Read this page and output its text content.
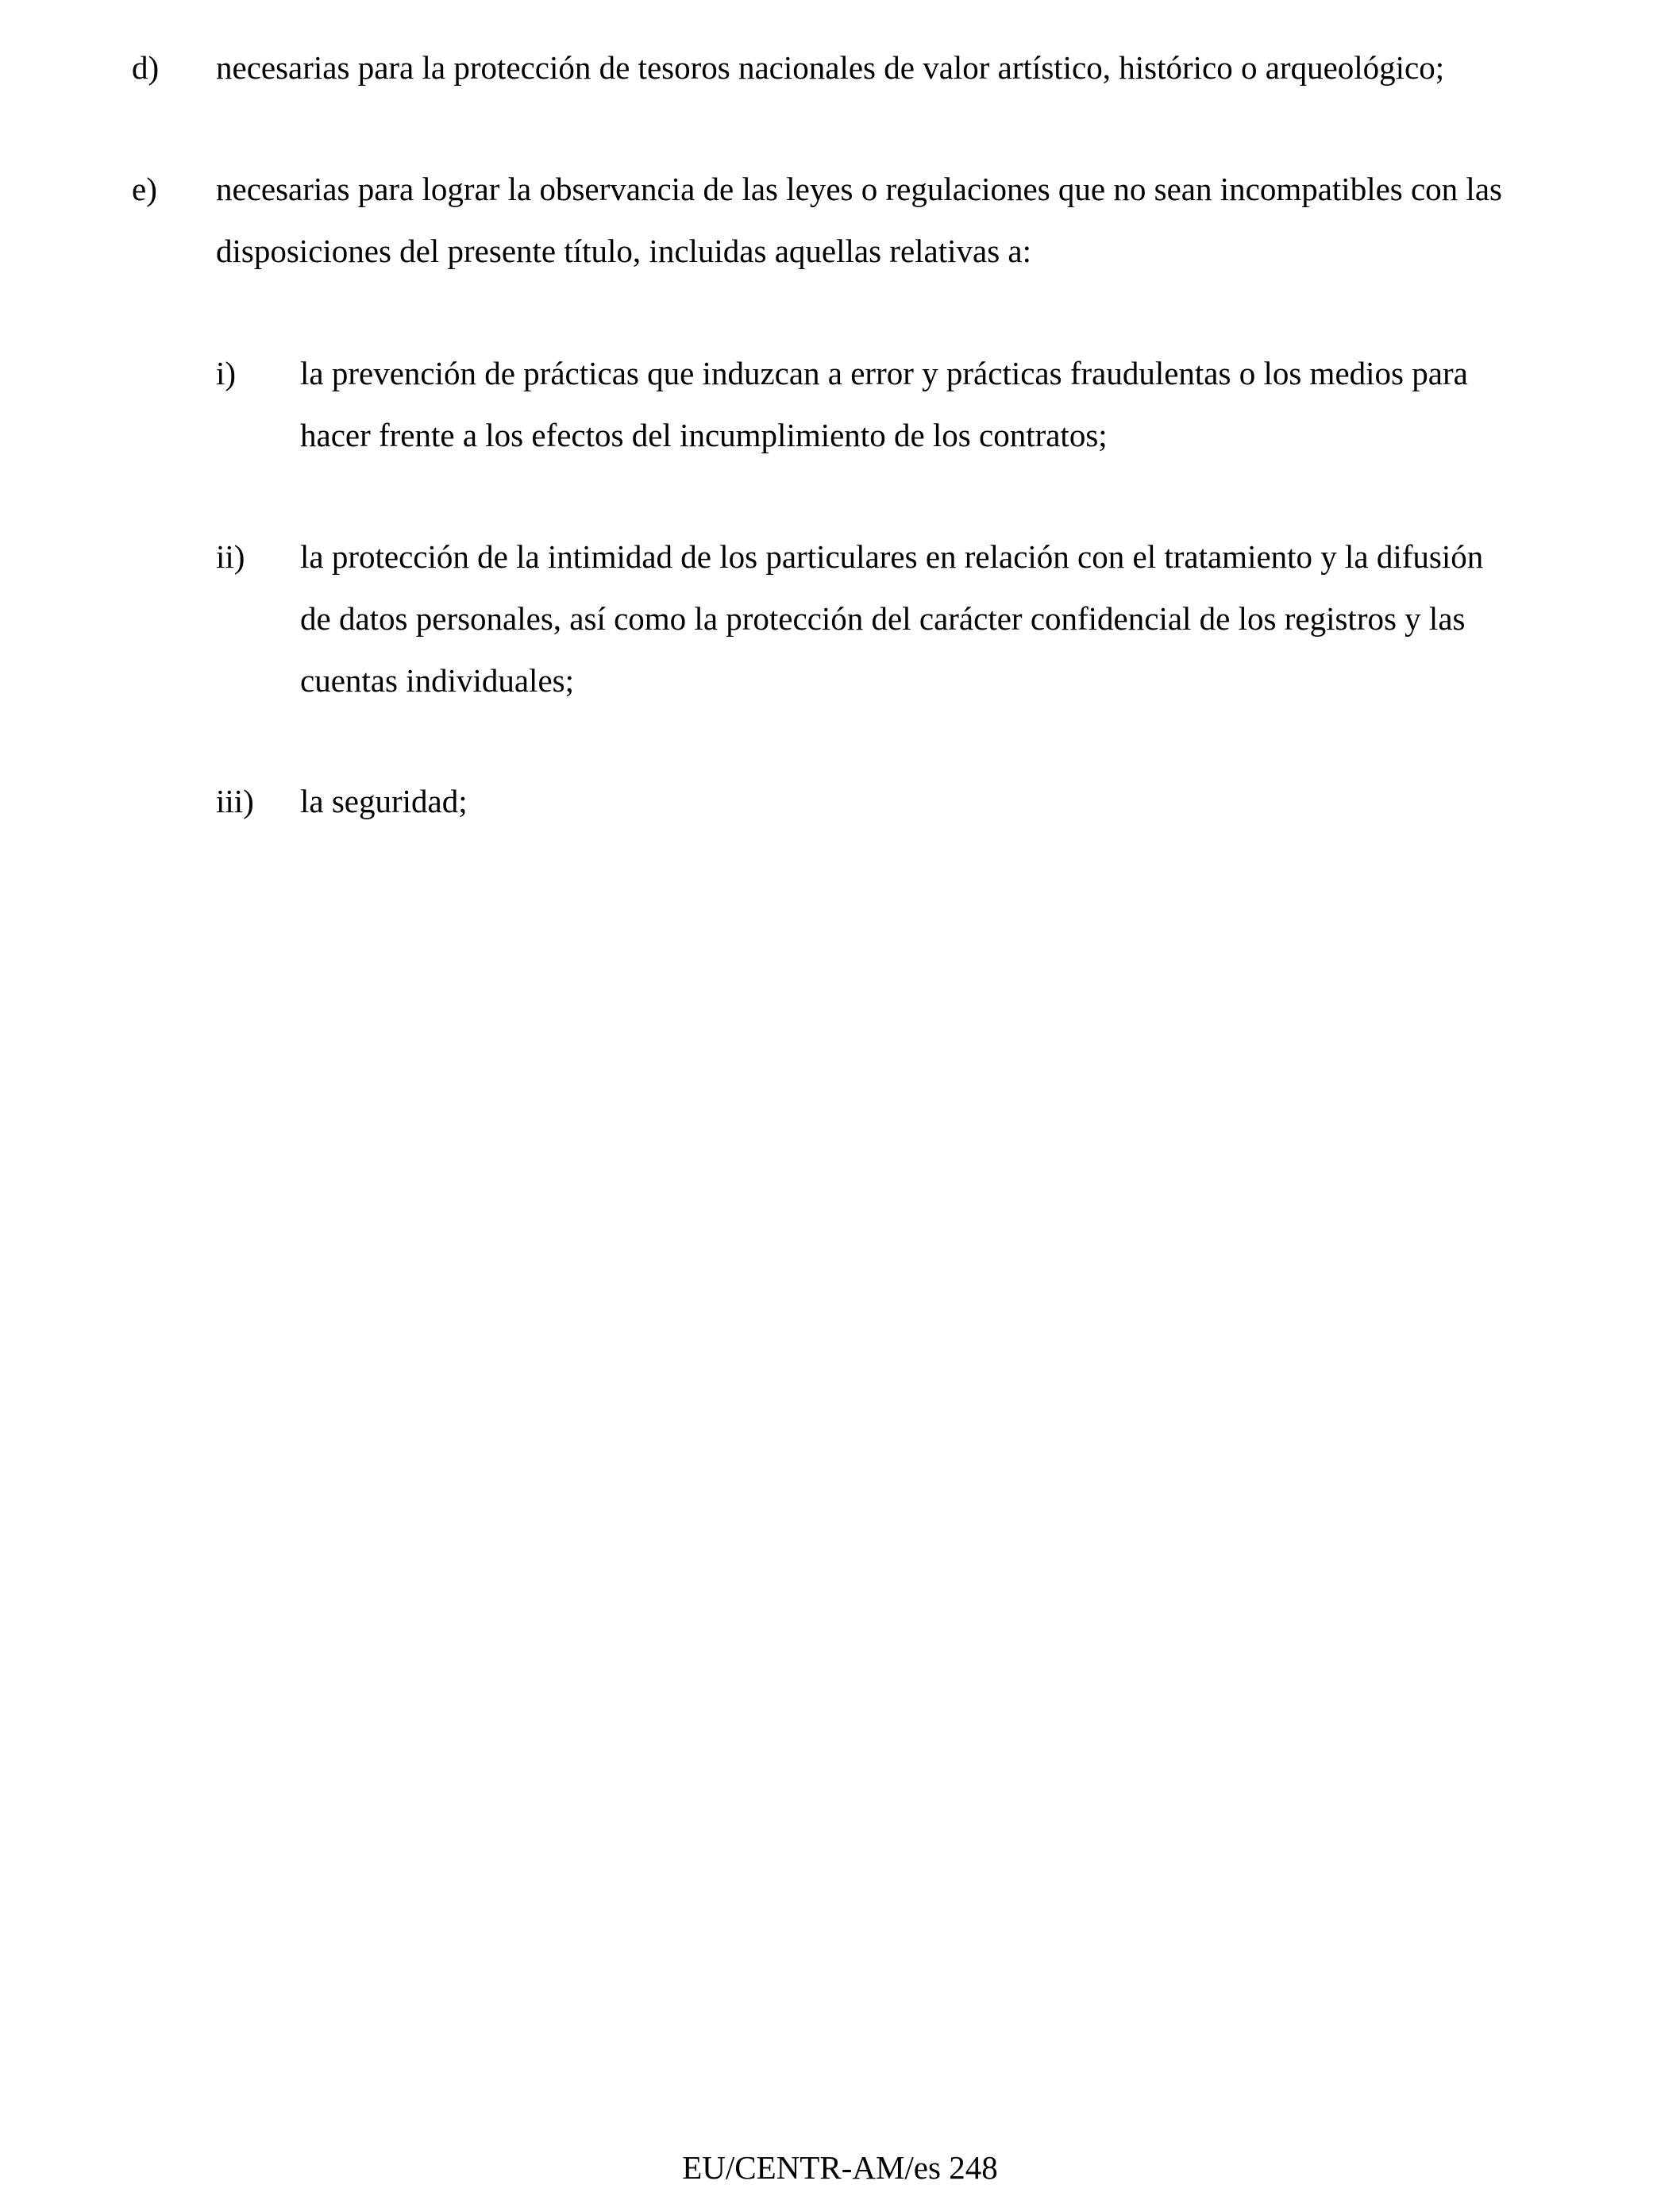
d) necesarias para la protección de tesoros nacionales de valor artístico, histórico o arqueológico;
e) necesarias para lograr la observancia de las leyes o regulaciones que no sean incompatibles con las disposiciones del presente título, incluidas aquellas relativas a:
i) la prevención de prácticas que induzcan a error y prácticas fraudulentas o los medios para hacer frente a los efectos del incumplimiento de los contratos;
ii) la protección de la intimidad de los particulares en relación con el tratamiento y la difusión de datos personales, así como la protección del carácter confidencial de los registros y las cuentas individuales;
iii) la seguridad;
EU/CENTR-AM/es 248
